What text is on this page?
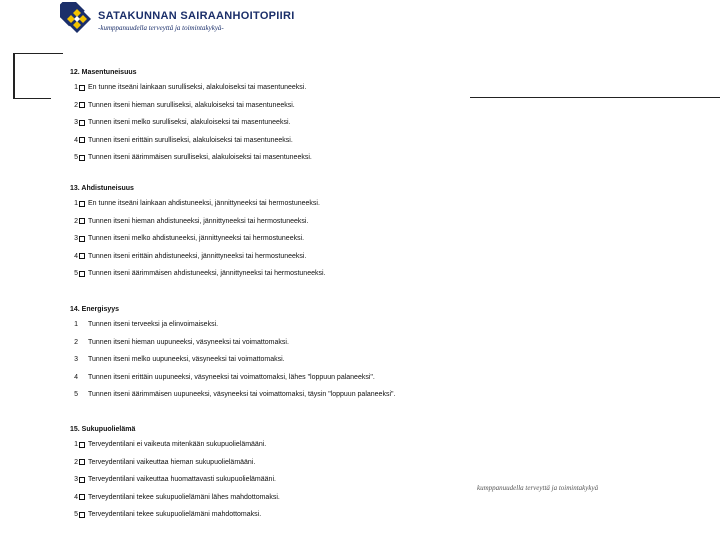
SATAKUNNAN SAIRAANHOITOPIIRI

-kumppanuudella terveyttä ja toimintakykyä-

12. Masentuneisuus
1 En tunne itseäni lainkaan surulliseksi, alakuloiseksi tai masentuneeksi.
2 Tunnen itseni hieman surulliseksi, alakuloiseksi tai masentuneeksi.
3 Tunnen itseni melko surulliseksi, alakuloiseksi tai masentuneeksi.
4 Tunnen itseni erittäin surulliseksi, alakuloiseksi tai masentuneeksi.
5 Tunnen itseni äärimmäisen surulliseksi, alakuloiseksi tai masentuneeksi.
13. Ahdistuneisuus
1 En tunne itseäni lainkaan ahdistuneeksi, jännittyneeksi tai hermostuneeksi.
2 Tunnen itseni hieman ahdistuneeksi, jännittyneeksi tai hermostuneeksi.
3 Tunnen itseni melko ahdistuneeksi, jännittyneeksi tai hermostuneeksi.
4 Tunnen itseni erittäin ahdistuneeksi, jännittyneeksi tai hermostuneeksi.
5 Tunnen itseni äärimmäisen ahdistuneeksi, jännittyneeksi tai hermostuneeksi.
14. Energisyys
1 Tunnen itseni terveeksi ja elinvoimaiseksi.
2 Tunnen itseni hieman uupuneeksi, väsyneeksi tai voimattomaksi.
3 Tunnen itseni melko uupuneeksi, väsyneeksi tai voimattomaksi.
4 Tunnen itseni erittäin uupuneeksi, väsyneeksi tai voimattomaksi, lähes "loppuun palaneeksi".
5 Tunnen itseni äärimmäisen uupuneeksi, väsyneeksi tai voimattomaksi, täysin "loppuun palaneeksi".
15. Sukupuolielämä
1 Terveydentilani ei vaikeuta mitenkään sukupuolielämääni.
2 Terveydentilani vaikeuttaa hieman sukupuolielämääni.
3 Terveydentilani vaikeuttaa huomattavasti sukupuolielämääni.
4 Terveydentilani tekee sukupuolielämäni lähes mahdottomaksi.
5 Terveydentilani tekee sukupuolielämäni mahdottomaksi.

kumppanuudella terveyttä ja toimintakykyä
